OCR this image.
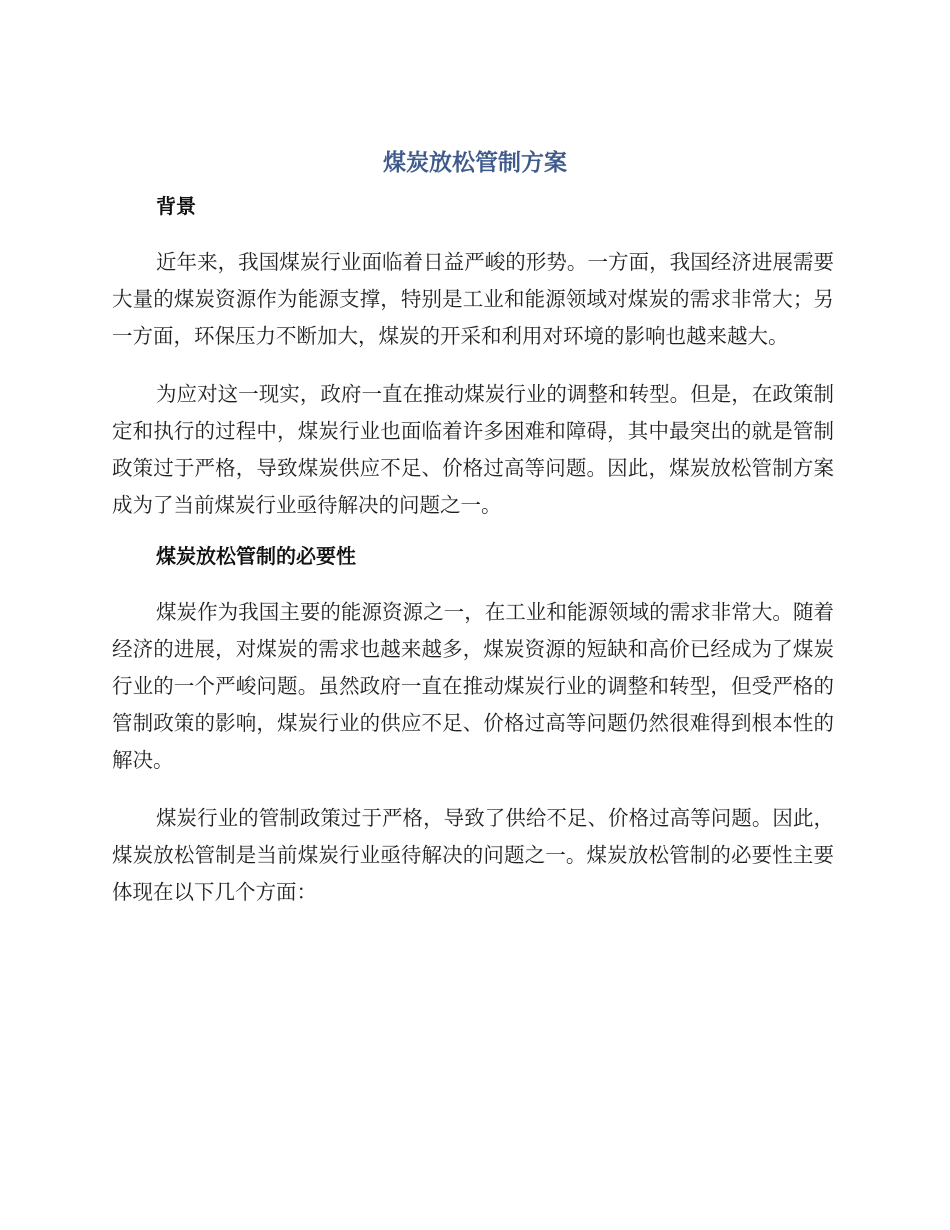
煤炭放松管制方案
背景

近年来，我国煤炭行业面临着日益严峻的形势。一方面，我国经济进展需要大量的煤炭资源作为能源支撑，特别是工业和能源领域对煤炭的需求非常大；另一方面，环保压力不断加大，煤炭的开采和利用对环境的影响也越来越大。

为应对这一现实，政府一直在推动煤炭行业的调整和转型。但是，在政策制定和执行的过程中，煤炭行业也面临着许多困难和障碍，其中最突出的就是管制政策过于严格，导致煤炭供应不足、价格过高等问题。因此，煤炭放松管制方案成为了当前煤炭行业亟待解决的问题之一。

煤炭放松管制的必要性

煤炭作为我国主要的能源资源之一，在工业和能源领域的需求非常大。随着经济的进展，对煤炭的需求也越来越多，煤炭资源的短缺和高价已经成为了煤炭行业的一个严峻问题。虽然政府一直在推动煤炭行业的调整和转型，但受严格的管制政策的影响，煤炭行业的供应不足、价格过高等问题仍然很难得到根本性的解决。

煤炭行业的管制政策过于严格，导致了供给不足、价格过高等问题。因此，煤炭放松管制是当前煤炭行业亟待解决的问题之一。煤炭放松管制的必要性主要体现在以下几个方面：
